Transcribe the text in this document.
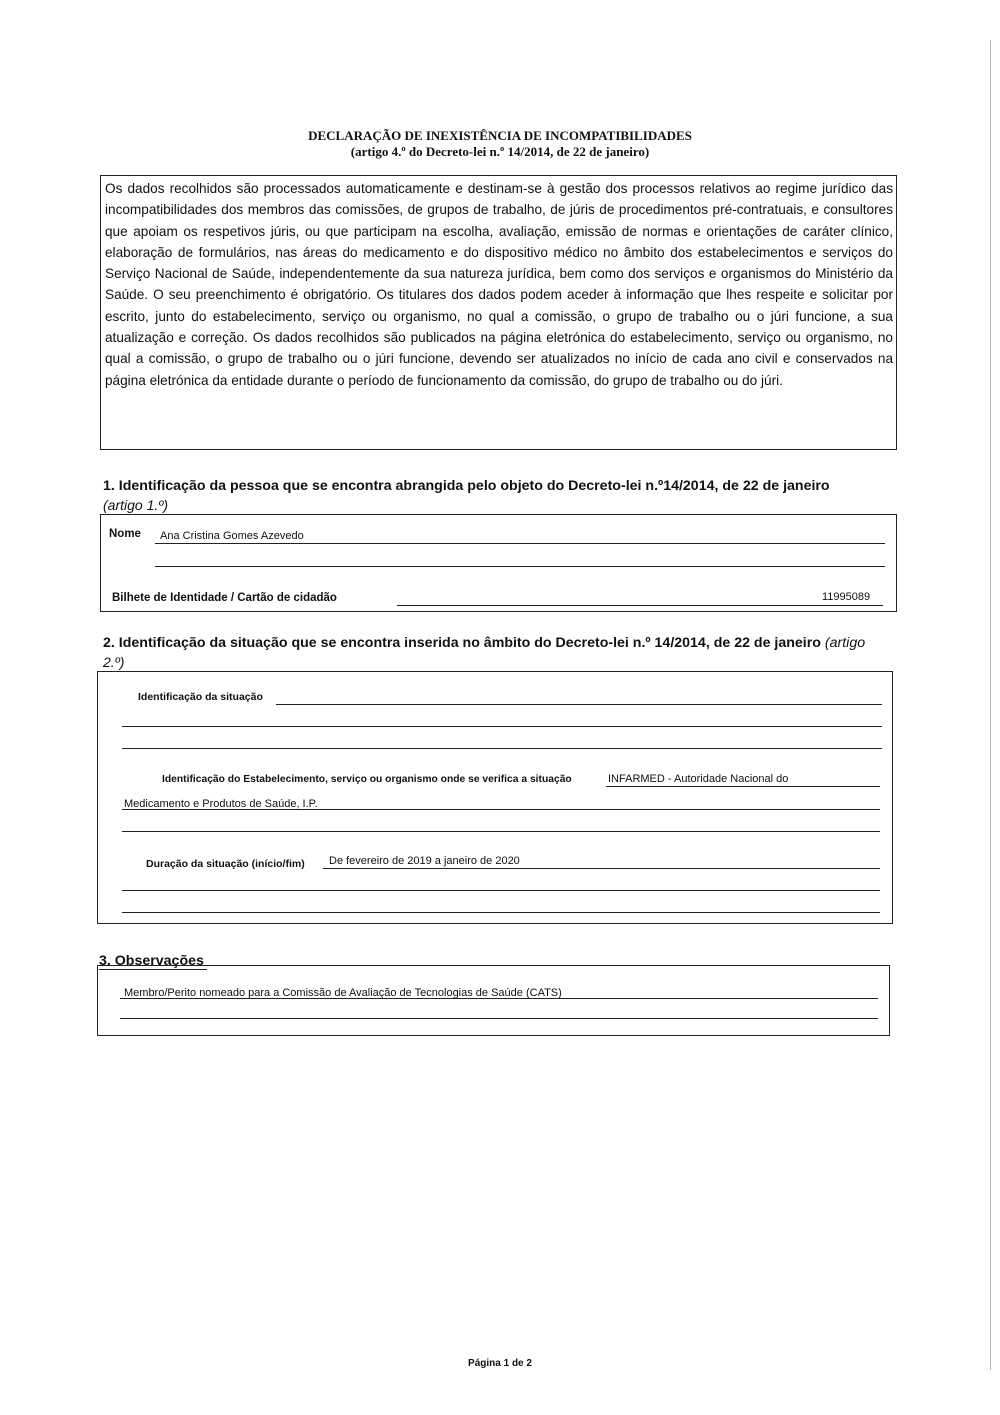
DECLARAÇÃO DE INEXISTÊNCIA DE INCOMPATIBILIDADES
(artigo 4.º do Decreto-lei n.º 14/2014, de 22 de janeiro)
Os dados recolhidos são processados automaticamente e destinam-se à gestão dos processos relativos ao regime jurídico das incompatibilidades dos membros das comissões, de grupos de trabalho, de júris de procedimentos pré-contratuais, e consultores que apoiam os respetivos júris, ou que participam na escolha, avaliação, emissão de normas e orientações de caráter clínico, elaboração de formulários, nas áreas do medicamento e do dispositivo médico no âmbito dos estabelecimentos e serviços do Serviço Nacional de Saúde, independentemente da sua natureza jurídica, bem como dos serviços e organismos do Ministério da Saúde. O seu preenchimento é obrigatório. Os titulares dos dados podem aceder à informação que lhes respeite e solicitar por escrito, junto do estabelecimento, serviço ou organismo, no qual a comissão, o grupo de trabalho ou o júri funcione, a sua atualização e correção. Os dados recolhidos são publicados na página eletrónica do estabelecimento, serviço ou organismo, no qual a comissão, o grupo de trabalho ou o júri funcione, devendo ser atualizados no início de cada ano civil e conservados na página eletrónica da entidade durante o período de funcionamento da comissão, do grupo de trabalho ou do júri.
1. Identificação da pessoa que se encontra abrangida pelo objeto do Decreto-lei n.º14/2014, de 22 de janeiro
(artigo 1.º)
Nome Ana Cristina Gomes Azevedo
Bilhete de Identidade / Cartão de cidadão	11995089
2. Identificação da situação que se encontra inserida no âmbito do Decreto-lei n.º 14/2014, de 22 de janeiro (artigo
2.º)
Identificação da situação
Identificação do Estabelecimento, serviço ou organismo onde se verifica a situação	INFARMED - Autoridade Nacional do
Medicamento e Produtos de Saúde, I.P.
Duração da situação (início/fim) De fevereiro de 2019 a janeiro de 2020
3. Observações
Membro/Perito nomeado para a Comissão de Avaliação de Tecnologias de Saúde (CATS)
Página 1 de 2
